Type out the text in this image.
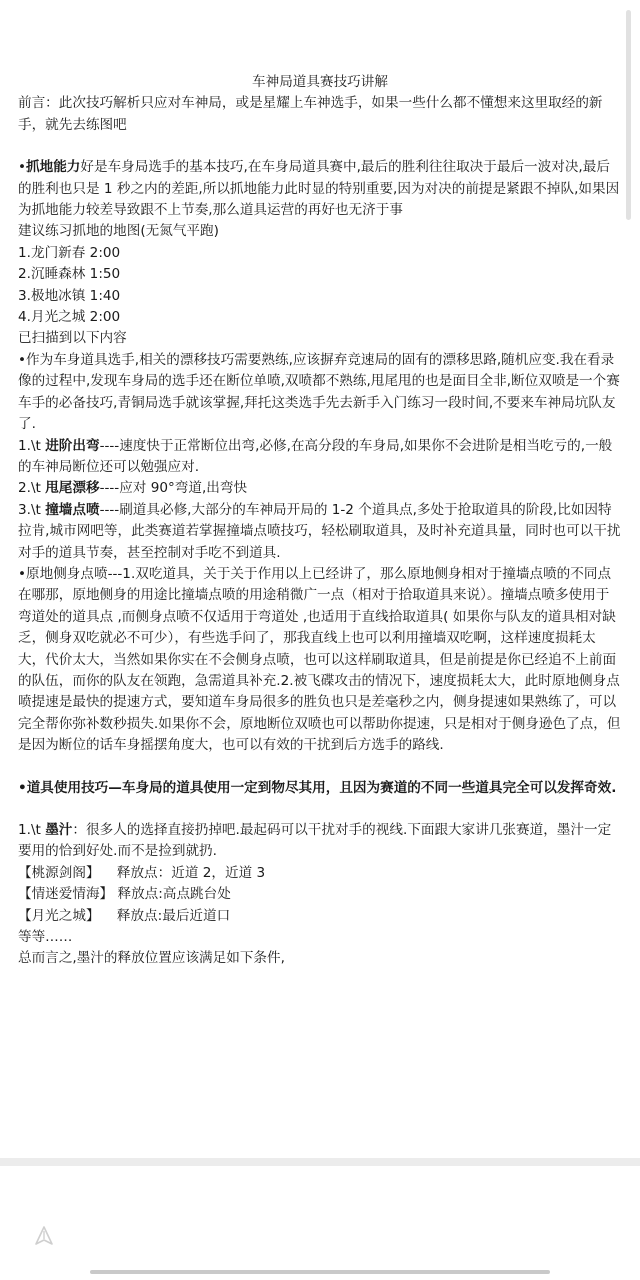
车神局道具赛技巧讲解

前言：此次技巧解析只应对车神局，或是星耀上车神选手，如果一些什么都不懂想来这里取经的新手，就先去练图吧

•抓地能力好是车身局选手的基本技巧,在车身局道具赛中,最后的胜利往往取决于最后一波对决,最后的胜利也只是 1 秒之内的差距,所以抓地能力此时显的特别重要,因为对决的前提是紧跟不掉队,如果因为抓地能力较差导致跟不上节奏,那么道具运营的再好也无济于事

建议练习抓地的地图(无氮气平跑)

1.龙门新春 2:00

2.沉睡森林 1:50

3.极地冰镇 1:40

4.月光之城 2:00

已扫描到以下内容

•作为车身道具选手,相关的漂移技巧需要熟练,应该摒弃竞速局的固有的漂移思路,随机应变.我在看录像的过程中,发现车身局的选手还在断位单喷,双喷都不熟练,甩尾甩的也是面目全非,断位双喷是一个赛车手的必备技巧,青铜局选手就该掌握,拜托这类选手先去新手入门练习一段时间,不要来车神局坑队友了.

1.\t 进阶出弯----速度快于正常断位出弯,必修,在高分段的车身局,如果你不会进阶是相当吃亏的,一般的车神局断位还可以勉强应对.

2.\t 甩尾漂移----应对 90°弯道,出弯快

3.\t 撞墙点喷----刷道具必修,大部分的车神局开局的 1-2 个道具点,多处于抢取道具的阶段,比如因特拉肯,城市网吧等，此类赛道若掌握撞墙点喷技巧，轻松刷取道具，及时补充道具量，同时也可以干扰对手的道具节奏，甚至控制对手吃不到道具.

•原地侧身点喷---1.双吃道具，关于关于作用以上已经讲了，那么原地侧身相对于撞墙点喷的不同点在哪那，原地侧身的用途比撞墙点喷的用途稍微广一点（相对于拾取道具来说）。撞墙点喷多使用于弯道处的道具点 ,而侧身点喷不仅适用于弯道处 ,也适用于直线拾取道具( 如果你与队友的道具相对缺乏，侧身双吃就必不可少），有些选手问了，那我直线上也可以利用撞墙双吃啊，这样速度损耗太大，代价太大，当然如果你实在不会侧身点喷，也可以这样刷取道具，但是前提是你已经追不上前面的队伍，而你的队友在领跑，急需道具补充.2.被飞碟攻击的情况下，速度损耗太大，此时原地侧身点喷提速是最快的提速方式，要知道车身局很多的胜负也只是差毫秒之内，侧身提速如果熟练了，可以完全帮你弥补数秒损失.如果你不会，原地断位双喷也可以帮助你提速，只是相对于侧身逊色了点，但是因为断位的话车身摇摆角度大，也可以有效的干扰到后方选手的路线.

•道具使用技巧—车身局的道具使用一定到物尽其用，且因为赛道的不同一些道具完全可以发挥奇效.

1.\t 墨汁：很多人的选择直接扔掉吧.最起码可以干扰对手的视线.下面跟大家讲几张赛道，墨汁一定要用的恰到好处.而不是捡到就扔.

【桃源剑阁】 释放点：近道 2，近道 3

【情迷爱情海】 释放点:高点跳台处

【月光之城】 释放点:最后近道口

等等……

总而言之,墨汁的释放位置应该满足如下条件,
